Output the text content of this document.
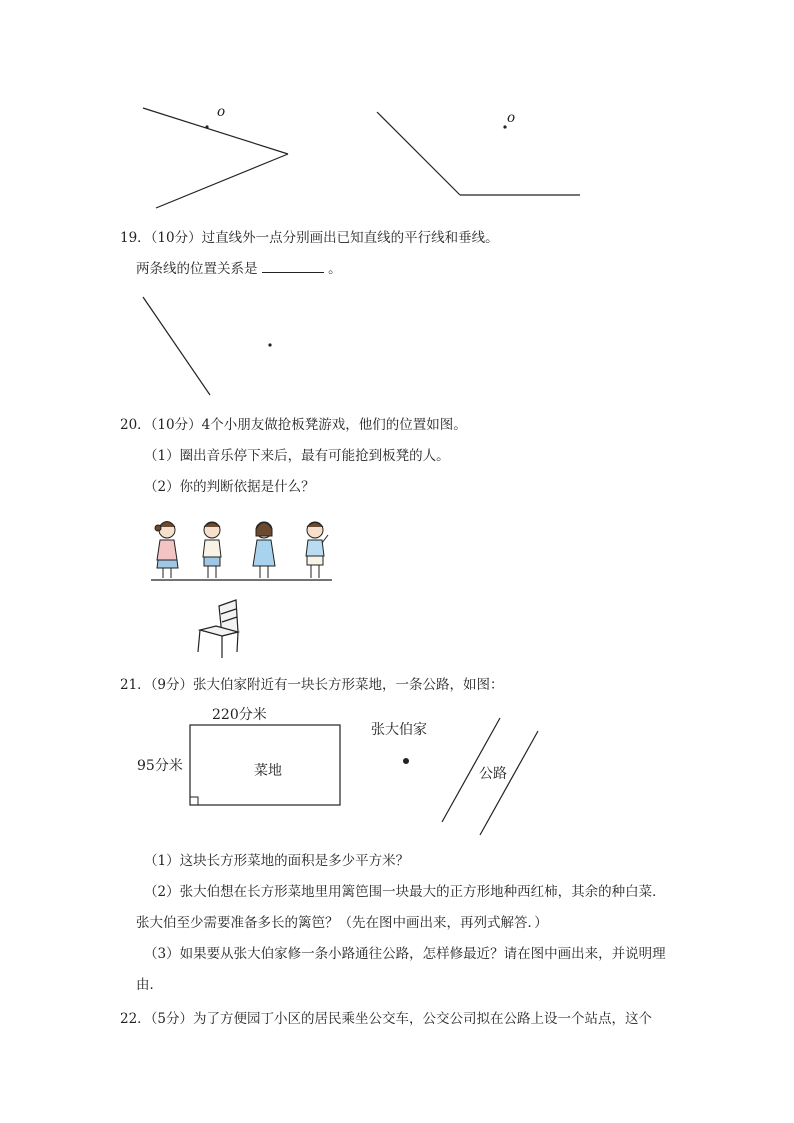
o	o
19．（10分）过直线外一点分别画出已知直线的平行线和垂线。
两条线的位置关系是	。
20．（10分）4个小朋友做抢板凳游戏，他们的位置如图。
（1）圈出音乐停下来后，最有可能抢到板凳的人。
（2）你的判断依据是什么？
21．（9分）张大伯家附近有一块长方形菜地，一条公路，如图：
220分米
95分米	菜地
张大伯家
公路
（1）这块长方形菜地的面积是多少平方米？
（2）张大伯想在长方形菜地里用篱笆围一块最大的正方形地种西红柿，其余的种白菜．
张大伯至少需要准备多长的篱笆？（先在图中画出来，再列式解答．）
（3）如果要从张大伯家修一条小路通往公路，怎样修最近？请在图中画出来，并说明理
由．
22．（5分）为了方便园丁小区的居民乘坐公交车，公交公司拟在公路上设一个站点，这个
